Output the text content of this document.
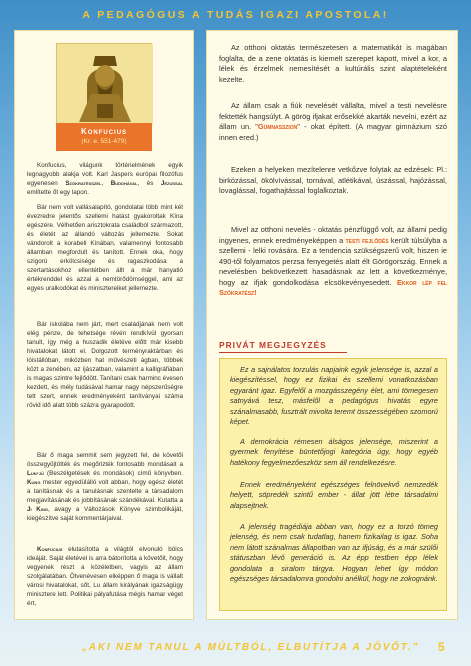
A PEDAGÓGUS A TUDÁS IGAZI APOSTOLA!
Konfucius
(Kr. e. 551-479)

Konfucius, világunk történelmének egyik legnagyobb alakja volt. Karl Jaspers európai filozófus egyenesen Szókratésszel, Buddhával, és Jézussal említette őt egy lapon.

Bár nem volt vallásalapító, gondolatai több mint két évezredre jelentős szellemi hatást gyakoroltak Kína egészére. Vélhetően arisztokrata családból származott, és életét az állandó változás jellemezte. Sokat vándorolt a korabeli Kínában, valamennyi fontosabb államban megfordult és tanított. Ennek oka, hogy szigorú erkölcsisége és ragaszkodása a szertartásokhoz ellentétben állt a már hanyatló értékrenddel és azzal a nemtörődömséggel, ami az egyes uralkodókat és minisztereiket jellemezte.

Bár iskolába nem járt, mert családjának nem volt elég pénze, de tehetsége révén rendkívül gyorsan tanult, így még a huszadik életéve előtt már kisebb hivatalokat látott el. Dolgozott terményraktárban és lóistállóban, miközben hat művészeti ágban, többek közt a zenében, az íjászatban, valamint a kalligráfiában is magas szintre fejlődött. Tanítani csak harminc évesen kezdett, és mély tudásával hamar nagy népszerűségre tett szert, ennek eredményeként tanítványai száma rövid idő alatt több százra gyarapodott.

Bár ő maga semmit sem jegyzett fel, de követői összegyűjtötték és megőrizték fontosabb mondásait a Lun-jü (Beszélgetések és mondások) című könyvben. Kung mester egyedülálló volt abban, hogy egész életét a tanításnak és a tanulásnak szentelte a társadalom megjavításának és jobbításának szándékával. Kutatta a Ji King, avagy a Változások Könyve szimbolikáját, kiegészítve saját kommentárjaival.

Konfucius elutasította a világtól elvonuló bölcs ideáját. Saját életével is arra bátorította a követőit, hogy vegyenek részt a közéletben, vagyis az állam szolgálatában. Ötvenévesen elképpen ő maga is vállalt városi hivatalokat, sőt, Lu állam királyának igazságügy minisztere lett. Politikai pályafutása mégis hamar véget ért,

Az otthoni oktatás természetesen a matematikát is magában foglalta, de a zene oktatás is kiemelt szerepet kapott, mivel a kor, a lélek és érzelmek nemesítését a kultúrális szint alaptételeként kezelte.

Az állam csak a fiúk nevelését vállalta, mivel a testi nevelésre fektették hangsúlyt. A görög ifjakat erősekké akarták nevelni, ezért az állam un. "Gümnasszion" - okat épített. (A magyar gimnázium szó innen ered.)

Ezeken a helyeken mezítelenre vetkőzve folytak az edzések: Pl.: birkózással, ökölvívással, tornával, atlétikával, úszással, hajózással, lovaglással, fogathajtással foglalkoztak.

Mivel az otthoni nevelés - oktatás pénzfüggő volt, az állami pedig ingyenes, ennek eredményeképpen a testi fejlődés került túlsúlyba a szellemi - lelki rovására. Ez a tendencia szükségszerű volt, hiszen ie 490-től folyamatos perzsa fenyegetés alatt élt Görögország. Ennek a nevelésben bekövetkezett hasadásnak az lett a következménye, hogy az ifjak gondolkodása elcsökevényesedett. Ekkor lép fel Szókratész!

PRIVÁT MEGJEGYZÉS

Ez a sajnálatos torzulás napjaink egyik jelensége is, azzal a kiegészítéssel, hogy ez fizikai és szellemi vonatkozásban egyaránt igaz. Egyfelől a mozgásszegény élet, ami tömegesen satnyává tesz, másfelől a pedagógus hivatás egyre szánalmasabb, fusztrált mivolta teremt összességében szomorú képet.

A demokrácia rémesen álságos jelensége, miszerint a gyermek fenyítése büntetőjogi kategória úgy, hogy egyéb hatékony fegyelmezőeszköz sem áll rendelkezésre.

Ennek eredményeként egészséges felnövekvő nemzedék helyett, söpredék szintű ember - állat jött létre társadalmi alapsejtnek.

A jelenség tragédiája abban van, hogy ez a torzó tömeg jelenség, és nem csak tudatlag, hanem fizikailag is igaz. Soha nem látott szánalmas állapotban van az ifjúság, és a már szülői státuszban lévő generáció is. Az épp testben épp lélek gondolata a siralom tárgya. Hogyan lehet így módon egészséges társadalomra gondolni anélkül, hogy ne zokognánk.

„AKI NEM TANUL A MÚLTBÓL, ELBUTÍTJA A JÖVŐT.” 5
